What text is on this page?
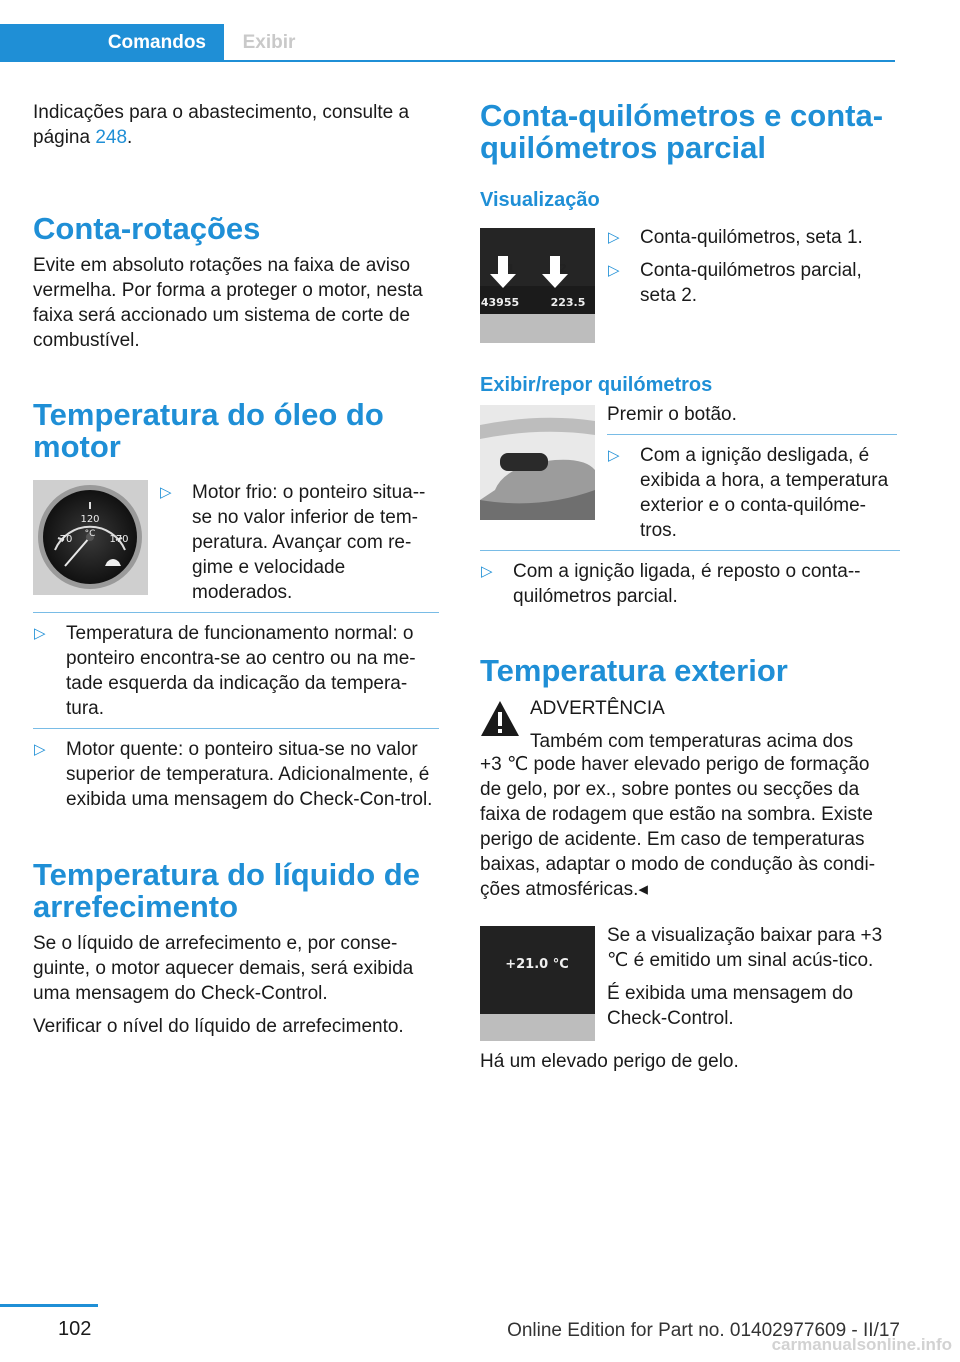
Comandos	Exibir

Indicações para o abastecimento, consulte a página 248.

Conta-rotações

Evite em absoluto rotações na faixa de aviso vermelha. Por forma a proteger o motor, nesta faixa será accionado um sistema de corte de combustível.

Temperatura do óleo do motor
120
°C
70	170
▷ Motor frio: o ponteiro situa--se no valor inferior de tem-peratura. Avançar com re-gime e velocidade moderados.
▷ Temperatura de funcionamento normal: o ponteiro encontra-se ao centro ou na me-tade esquerda da indicação da tempera-tura.
▷ Motor quente: o ponteiro situa-se no valor superior de temperatura. Adicionalmente, é exibida uma mensagem do Check-Con-trol.
Temperatura do líquido de arrefecimento

Se o líquido de arrefecimento e, por conse-guinte, o motor aquecer demais, será exibida uma mensagem do Check-Control.

Verificar o nível do líquido de arrefecimento.

Conta-quilómetros e conta-quilómetros parcial
Visualização
1	2
43955	223.5
▷ Conta-quilómetros, seta 1.
▷ Conta-quilómetros parcial, seta 2.
Exibir/repor quilómetros

Premir o botão.

▷ Com a ignição desligada, é exibida a hora, a temperatura exterior e o conta-quilóme-tros.
▷ Com a ignição ligada, é reposto o conta--quilómetros parcial.
Temperatura exterior

ADVERTÊNCIA

Também com temperaturas acima dos

+3 ℃ pode haver elevado perigo de formação de gelo, por ex., sobre pontes ou secções da faixa de rodagem que estão na sombra. Existe perigo de acidente. Em caso de temperaturas baixas, adaptar o modo de condução às condi-ções atmosféricas.◂

+21.0 °C

Se a visualização baixar para +3 ℃ é emitido um sinal acús-tico.

É exibida uma mensagem do Check-Control.

Há um elevado perigo de gelo.

102	Online Edition for Part no. 01402977609 - II/17
carmanualsonline.info
